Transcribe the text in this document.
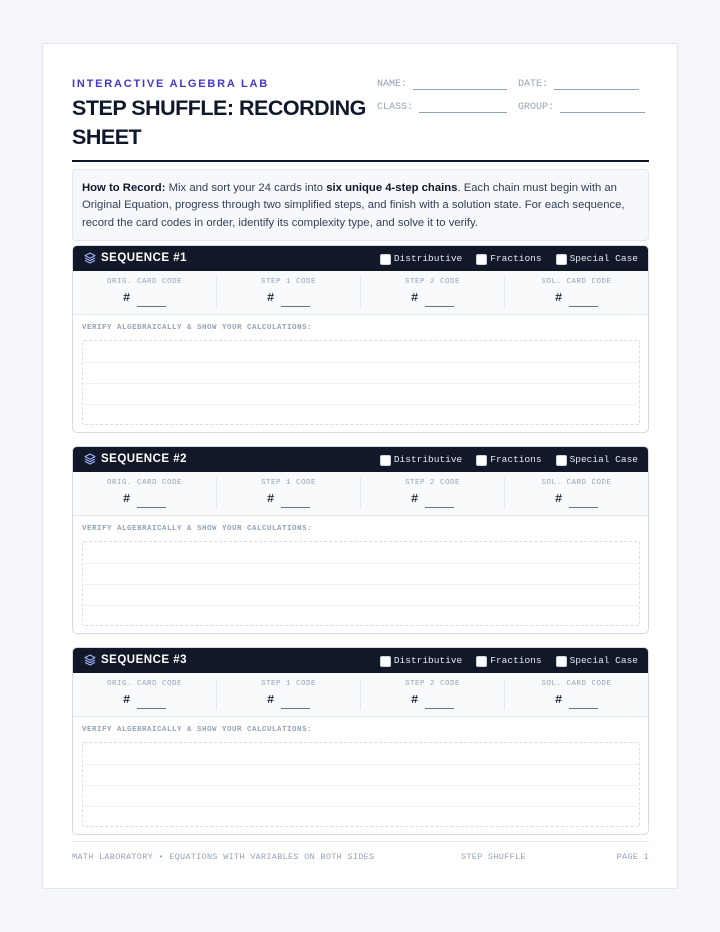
INTERACTIVE ALGEBRA LAB
STEP SHUFFLE: RECORDING SHEET
NAME:	DATE:
CLASS:	GROUP:
How to Record: Mix and sort your 24 cards into six unique 4-step chains. Each chain must begin with an Original Equation, progress through two simplified steps, and finish with a solution state. For each sequence, record the card codes in order, identify its complexity type, and solve it to verify.
SEQUENCE #1	Distributive	Fractions	Special Case
ORIG. CARD CODE
#
STEP 1 CODE
#
STEP 2 CODE
#
SOL. CARD CODE
#
VERIFY ALGEBRAICALLY & SHOW YOUR CALCULATIONS:
SEQUENCE #2	Distributive	Fractions	Special Case
ORIG. CARD CODE
#
STEP 1 CODE
#
STEP 2 CODE
#
SOL. CARD CODE
#
VERIFY ALGEBRAICALLY & SHOW YOUR CALCULATIONS:
SEQUENCE #3	Distributive	Fractions	Special Case
ORIG. CARD CODE
#
STEP 1 CODE
#
STEP 2 CODE
#
SOL. CARD CODE
#
VERIFY ALGEBRAICALLY & SHOW YOUR CALCULATIONS:
MATH LABORATORY • EQUATIONS WITH VARIABLES ON BOTH SIDES	STEP SHUFFLE	PAGE 1
